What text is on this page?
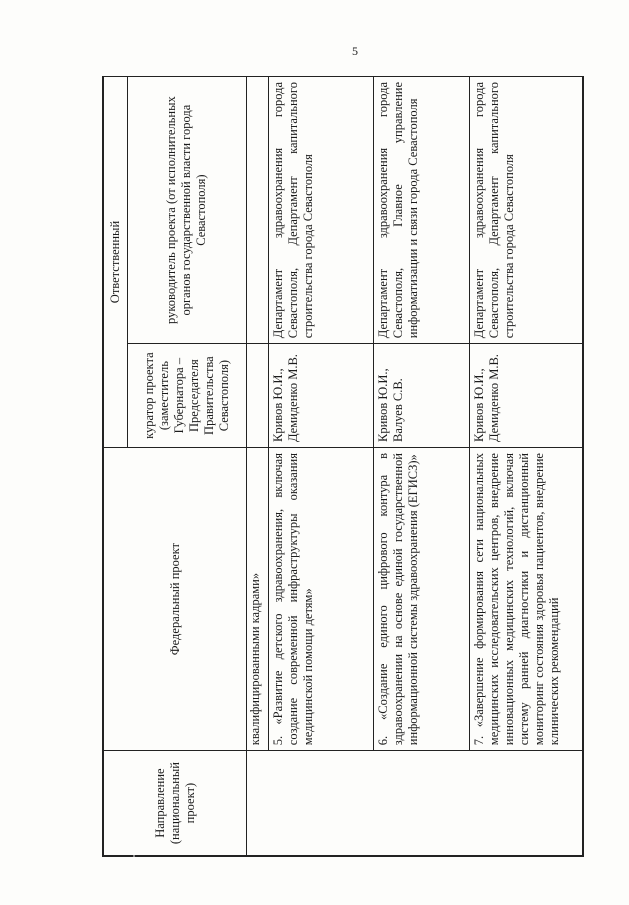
5
Направление (национальный проект)	Федеральный проект	Ответственный	
		куратор проекта (заместитель Губернатора – Председателя Правительства Севастополя)	руководитель проекта (от исполнительных органов государственной власти города Севастополя)
	квалифицированными кадрами»		
	5. «Развитие детского здравоохранения, включая создание современной инфраструктуры оказания медицинской помощи детям»	Кривов Ю.И., Демиденко М.В.	Департамент здравоохранения города Севастополя, Департамент капитального строительства города Севастополя
	6. «Создание единого цифрового контура в здравоохранении на основе единой государственной информационной системы здравоохранения (ЕГИСЗ)»	Кривов Ю.И., Валуев С.В.	Департамент здравоохранения города Севастополя, Главное управление информатизации и связи города Севастополя
	7. «Завершение формирования сети национальных медицинских исследовательских центров, внедрение инновационных медицинских технологий, включая систему ранней диагностики и дистанционный мониторинг состояния здоровья пациентов, внедрение клинических рекомендаций	Кривов Ю.И., Демиденко М.В.	Департамент здравоохранения города Севастополя, Департамент капитального строительства города Севастополя
